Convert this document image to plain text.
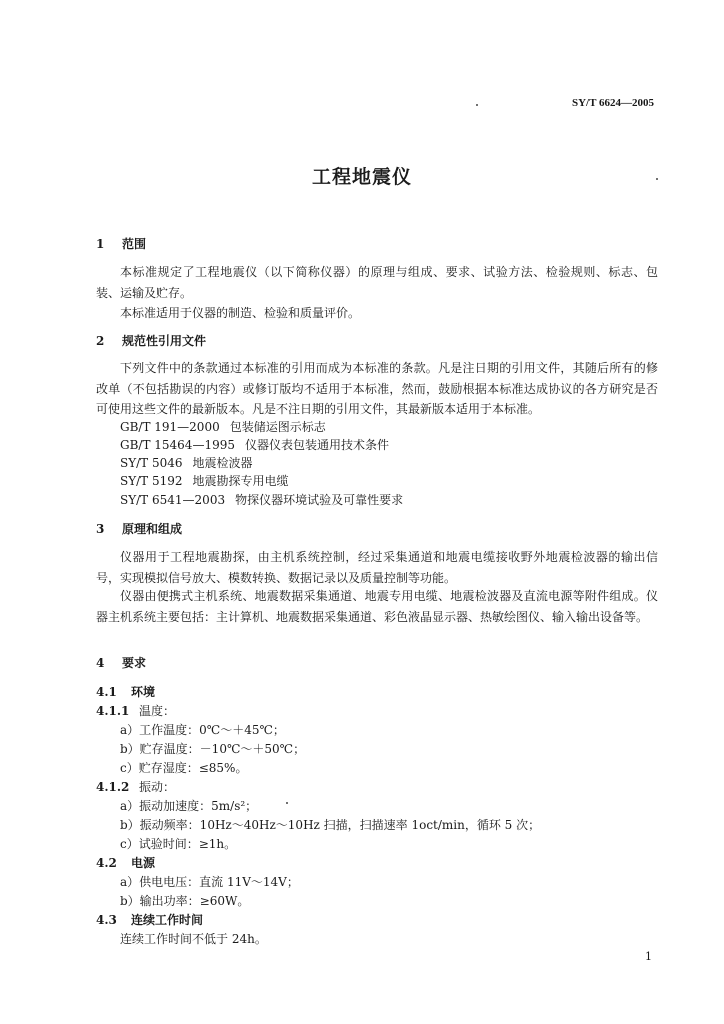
SY/T 6624—2005
工程地震仪
1 范围
本标准规定了工程地震仪（以下简称仪器）的原理与组成、要求、试验方法、检验规则、标志、包装、运输及贮存。
本标准适用于仪器的制造、检验和质量评价。
2 规范性引用文件
下列文件中的条款通过本标准的引用而成为本标准的条款。凡是注日期的引用文件，其随后所有的修改单（不包括勘误的内容）或修订版均不适用于本标准，然而，鼓励根据本标准达成协议的各方研究是否可使用这些文件的最新版本。凡是不注日期的引用文件，其最新版本适用于本标准。
GB/T 191—2000 包装储运图示标志
GB/T 15464—1995 仪器仪表包装通用技术条件
SY/T 5046 地震检波器
SY/T 5192 地震勘探专用电缆
SY/T 6541—2003 物探仪器环境试验及可靠性要求
3 原理和组成
仪器用于工程地震勘探，由主机系统控制，经过采集通道和地震电缆接收野外地震检波器的输出信号，实现模拟信号放大、模数转换、数据记录以及质量控制等功能。
仪器由便携式主机系统、地震数据采集通道、地震专用电缆、地震检波器及直流电源等附件组成。仪器主机系统主要包括：主计算机、地震数据采集通道、彩色液晶显示器、热敏绘图仪、输入输出设备等。
4 要求
4.1 环境
4.1.1 温度：
a）工作温度：0℃～＋45℃；
b）贮存温度：－10℃～＋50℃；
c）贮存湿度：≤85%。
4.1.2 振动：
a）振动加速度：5m/s²；
b）振动频率：10Hz～40Hz～10Hz 扫描，扫描速率 1oct/min，循环 5 次；
c）试验时间：≥1h。
4.2 电源
a）供电电压：直流 11V～14V；
b）输出功率：≥60W。
4.3 连续工作时间
连续工作时间不低于 24h。
1
